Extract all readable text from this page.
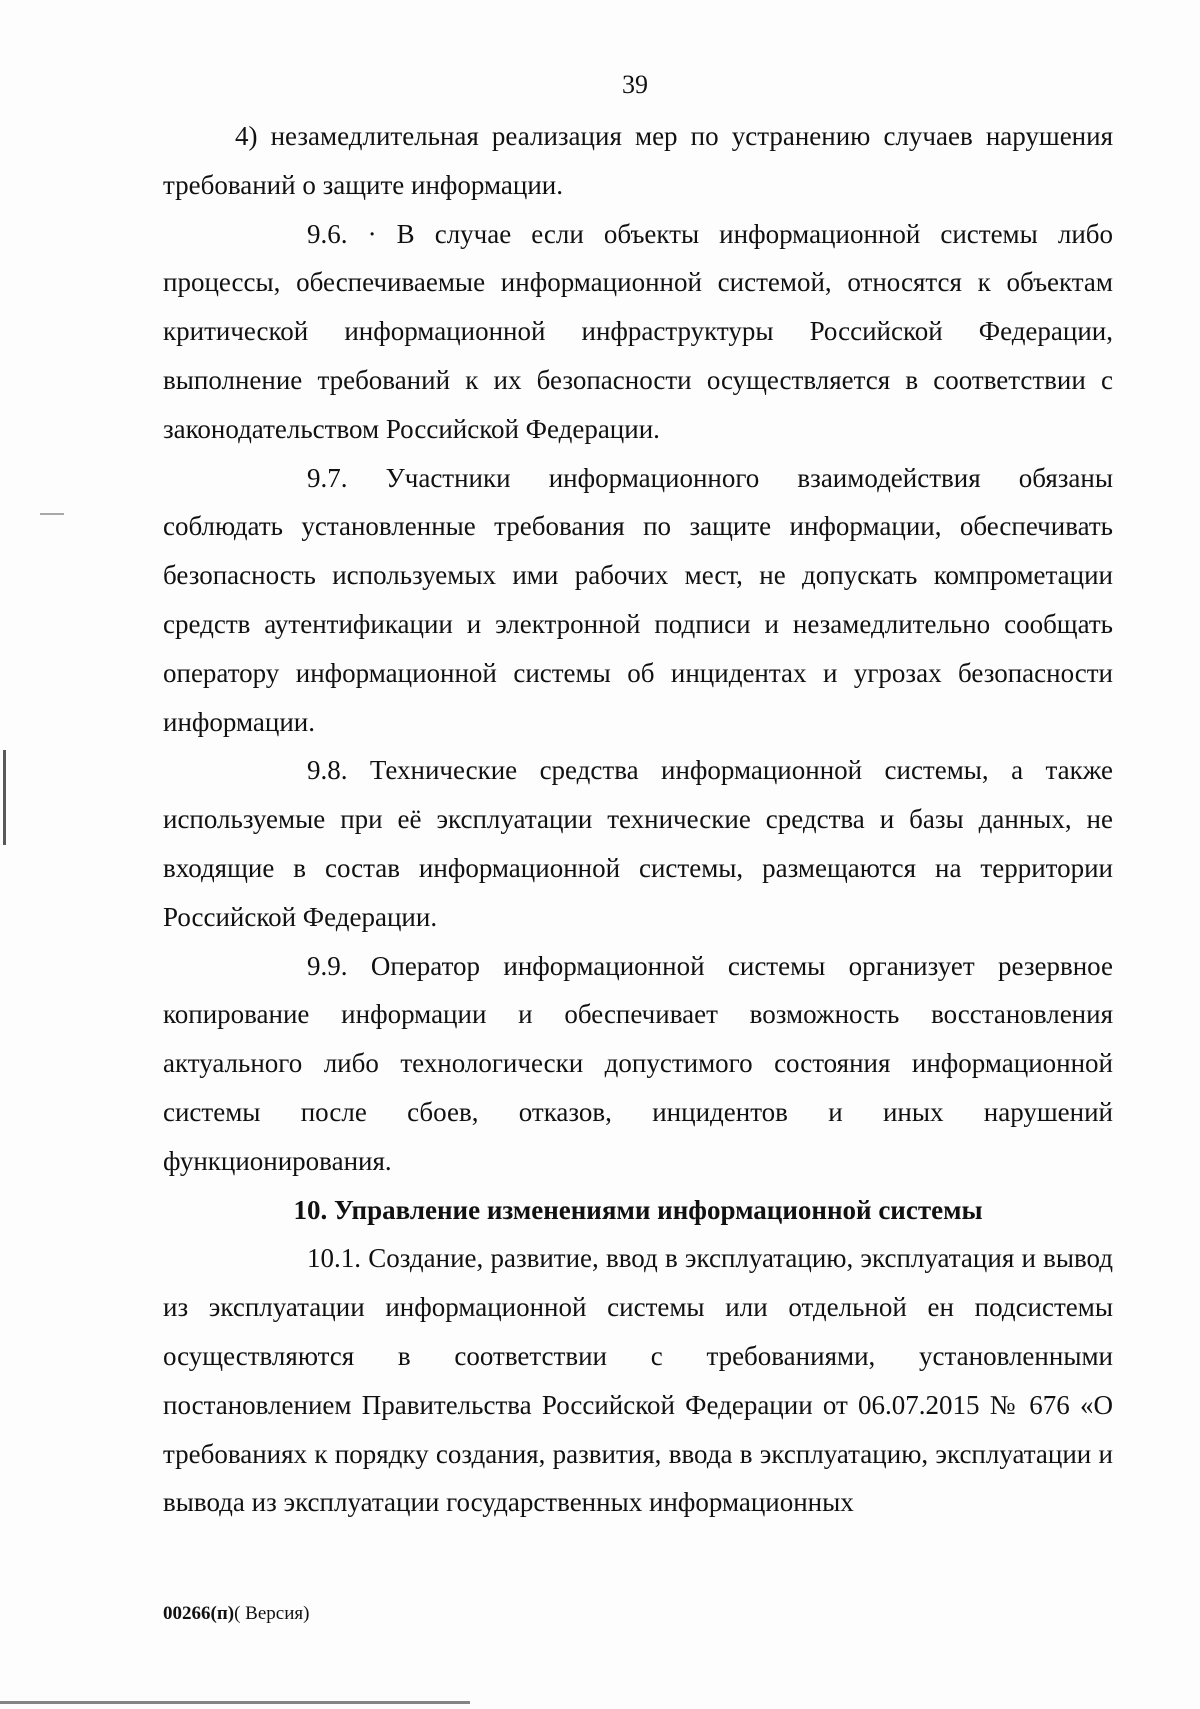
39

4) незамедлительная реализация мер по устранению случаев нарушения требований о защите информации.

9.6. · В случае если объекты информационной системы либо процессы, обеспечиваемые информационной системой, относятся к объектам критической информационной инфраструктуры Российской Федерации, выполнение требований к их безопасности осуществляется в соответствии с законодательством Российской Федерации.

9.7. Участники информационного взаимодействия обязаны соблюдать установленные требования по защите информации, обеспечивать безопасность используемых ими рабочих мест, не допускать компрометации средств аутентификации и электронной подписи и незамедлительно сообщать оператору информационной системы об инцидентах и угрозах безопасности информации.

9.8. Технические средства информационной системы, а также используемые при её эксплуатации технические средства и базы данных, не входящие в состав информационной системы, размещаются на территории Российской Федерации.

9.9. Оператор информационной системы организует резервное копирование информации и обеспечивает возможность восстановления актуального либо технологически допустимого состояния информационной системы после сбоев, отказов, инцидентов и иных нарушений функционирования.

10. Управление изменениями информационной системы

10.1. Создание, развитие, ввод в эксплуатацию, эксплуатация и вывод из эксплуатации информационной системы или отдельной ен подсистемы осуществляются в соответствии с требованиями, установленными постановлением Правительства Российской Федерации от 06.07.2015 № 676 «О требованиях к порядку создания, развития, ввода в эксплуатацию, эксплуатации и вывода из эксплуатации государственных информационных

00266(п)( Версия)
